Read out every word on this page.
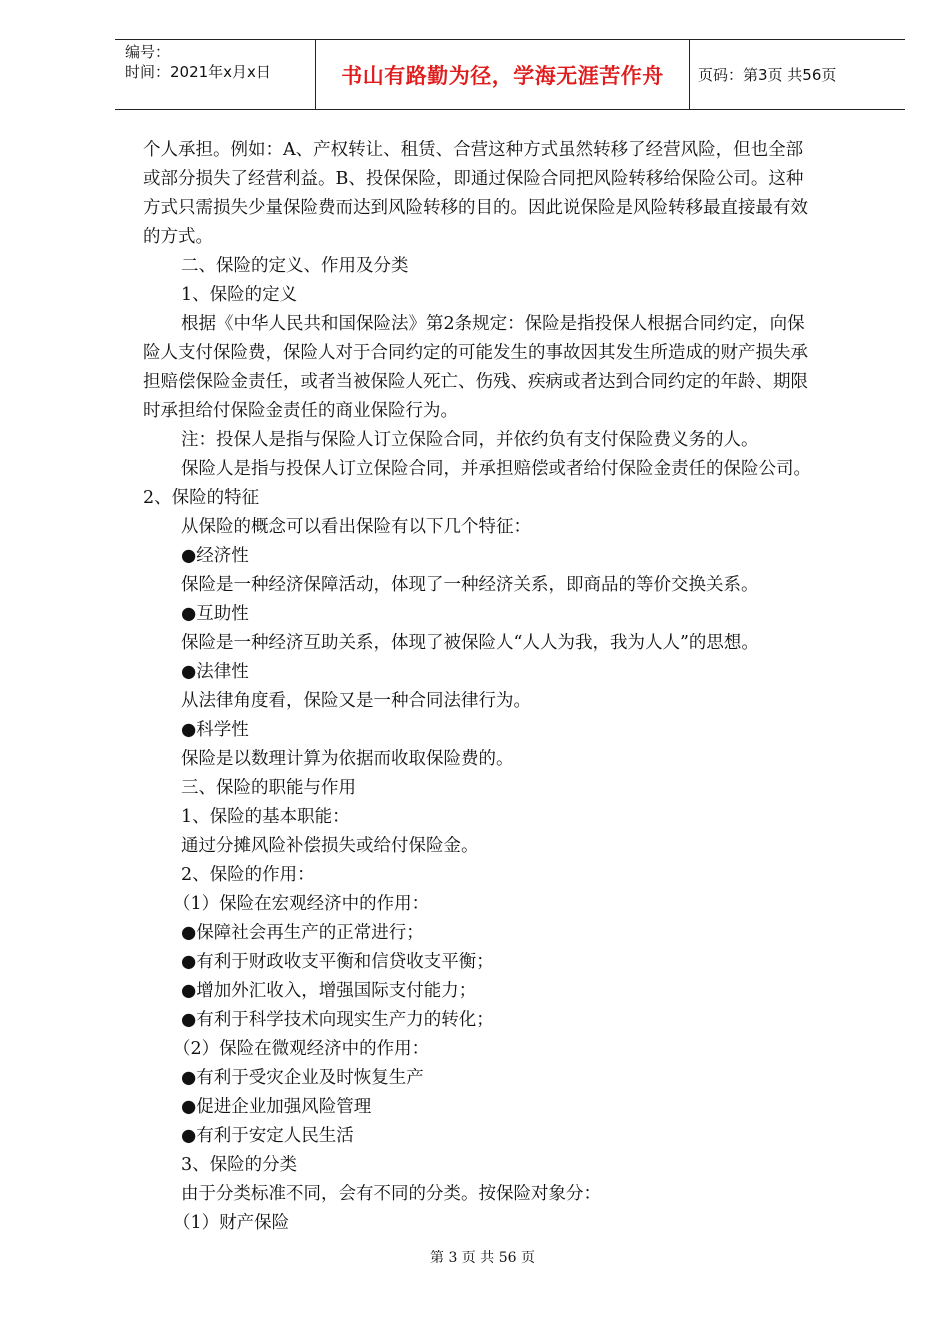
编号：
时间：2021年x月x日	书山有路勤为径，学海无涯苦作舟	页码：第3页 共56页
个人承担。例如：A、产权转让、租赁、合营这种方式虽然转移了经营风险，但也全部
或部分损失了经营利益。B、投保保险，即通过保险合同把风险转移给保险公司。这种
方式只需损失少量保险费而达到风险转移的目的。因此说保险是风险转移最直接最有效
的方式。
二、保险的定义、作用及分类
1、保险的定义
根据《中华人民共和国保险法》第2条规定：保险是指投保人根据合同约定，向保
险人支付保险费，保险人对于合同约定的可能发生的事故因其发生所造成的财产损失承
担赔偿保险金责任，或者当被保险人死亡、伤残、疾病或者达到合同约定的年龄、期限
时承担给付保险金责任的商业保险行为。
注：投保人是指与保险人订立保险合同，并依约负有支付保险费义务的人。
保险人是指与投保人订立保险合同，并承担赔偿或者给付保险金责任的保险公司。
2、保险的特征
从保险的概念可以看出保险有以下几个特征：
●经济性
保险是一种经济保障活动，体现了一种经济关系，即商品的等价交换关系。
●互助性
保险是一种经济互助关系，体现了被保险人“人人为我，我为人人”的思想。
●法律性
从法律角度看，保险又是一种合同法律行为。
●科学性
保险是以数理计算为依据而收取保险费的。
三、保险的职能与作用
1、保险的基本职能：
通过分摊风险补偿损失或给付保险金。
2、保险的作用：
（1）保险在宏观经济中的作用：
●保障社会再生产的正常进行；
●有利于财政收支平衡和信贷收支平衡；
●增加外汇收入，增强国际支付能力；
●有利于科学技术向现实生产力的转化；
（2）保险在微观经济中的作用：
●有利于受灾企业及时恢复生产
●促进企业加强风险管理
●有利于安定人民生活
3、保险的分类
由于分类标准不同，会有不同的分类。按保险对象分：
（1）财产保险
第 3 页 共 56 页
